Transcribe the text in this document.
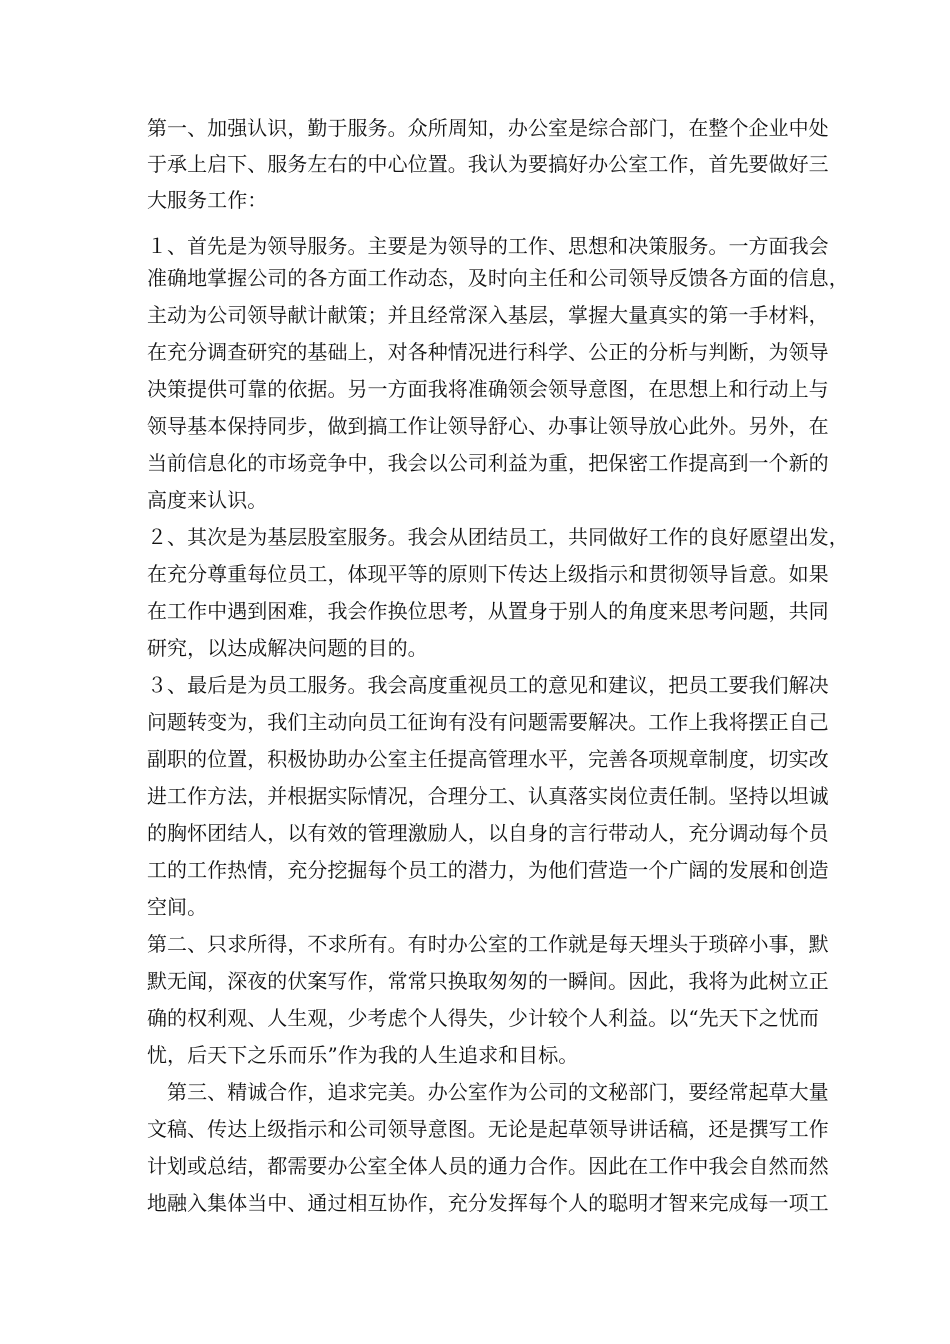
第一、加强认识，勤于服务。众所周知，办公室是综合部门，在整个企业中处
于承上启下、服务左右的中心位置。我认为要搞好办公室工作，首先要做好三
大服务工作：
１、首先是为领导服务。主要是为领导的工作、思想和决策服务。一方面我会
准确地掌握公司的各方面工作动态，及时向主任和公司领导反馈各方面的信息，
主动为公司领导献计献策；并且经常深入基层，掌握大量真实的第一手材料，
在充分调查研究的基础上，对各种情况进行科学、公正的分析与判断，为领导
决策提供可靠的依据。另一方面我将准确领会领导意图，在思想上和行动上与
领导基本保持同步，做到搞工作让领导舒心、办事让领导放心此外。另外，在
当前信息化的市场竞争中，我会以公司利益为重，把保密工作提高到一个新的
高度来认识。
２、其次是为基层股室服务。我会从团结员工，共同做好工作的良好愿望出发，
在充分尊重每位员工，体现平等的原则下传达上级指示和贯彻领导旨意。如果
在工作中遇到困难，我会作换位思考，从置身于别人的角度来思考问题，共同
研究，以达成解决问题的目的。
３、最后是为员工服务。我会高度重视员工的意见和建议，把员工要我们解决
问题转变为，我们主动向员工征询有没有问题需要解决。工作上我将摆正自己
副职的位置，积极协助办公室主任提高管理水平，完善各项规章制度，切实改
进工作方法，并根据实际情况，合理分工、认真落实岗位责任制。坚持以坦诚
的胸怀团结人，以有效的管理激励人，以自身的言行带动人，充分调动每个员
工的工作热情，充分挖掘每个员工的潜力，为他们营造一个广阔的发展和创造
空间。
第二、只求所得，不求所有。有时办公室的工作就是每天埋头于琐碎小事，默
默无闻，深夜的伏案写作，常常只换取匆匆的一瞬间。因此，我将为此树立正
确的权利观、人生观，少考虑个人得失，少计较个人利益。以“先天下之忧而
忧，后天下之乐而乐”作为我的人生追求和目标。
　第三、精诚合作，追求完美。办公室作为公司的文秘部门，要经常起草大量
文稿、传达上级指示和公司领导意图。无论是起草领导讲话稿，还是撰写工作
计划或总结，都需要办公室全体人员的通力合作。因此在工作中我会自然而然
地融入集体当中、通过相互协作，充分发挥每个人的聪明才智来完成每一项工
